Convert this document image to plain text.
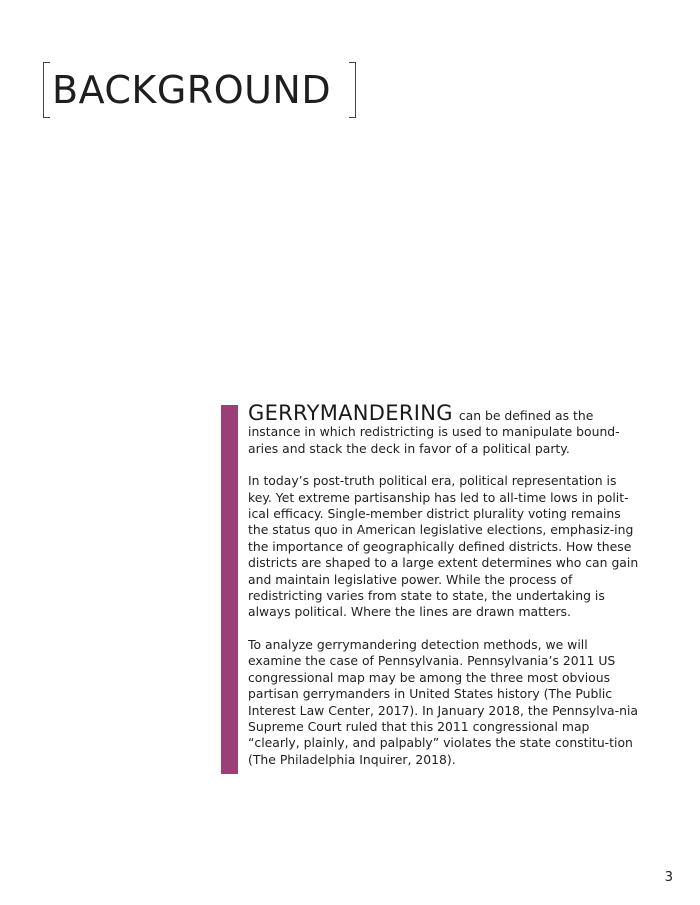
BACKGROUND

GERRYMANDERING can be defined as the instance in which redistricting is used to manipulate bound-aries and stack the deck in favor of a political party.

In today’s post-truth political era, political representation is key. Yet extreme partisanship has led to all-time lows in polit-ical efficacy. Single-member district plurality voting remains the status quo in American legislative elections, emphasiz-ing the importance of geographically defined districts. How these districts are shaped to a large extent determines who can gain and maintain legislative power. While the process of redistricting varies from state to state, the undertaking is always political. Where the lines are drawn matters.

To analyze gerrymandering detection methods, we will examine the case of Pennsylvania. Pennsylvania’s 2011 US congressional map may be among the three most obvious partisan gerrymanders in United States history (The Public Interest Law Center, 2017). In January 2018, the Pennsylva-nia Supreme Court ruled that this 2011 congressional map “clearly, plainly, and palpably” violates the state constitu-tion (The Philadelphia Inquirer, 2018).

3
